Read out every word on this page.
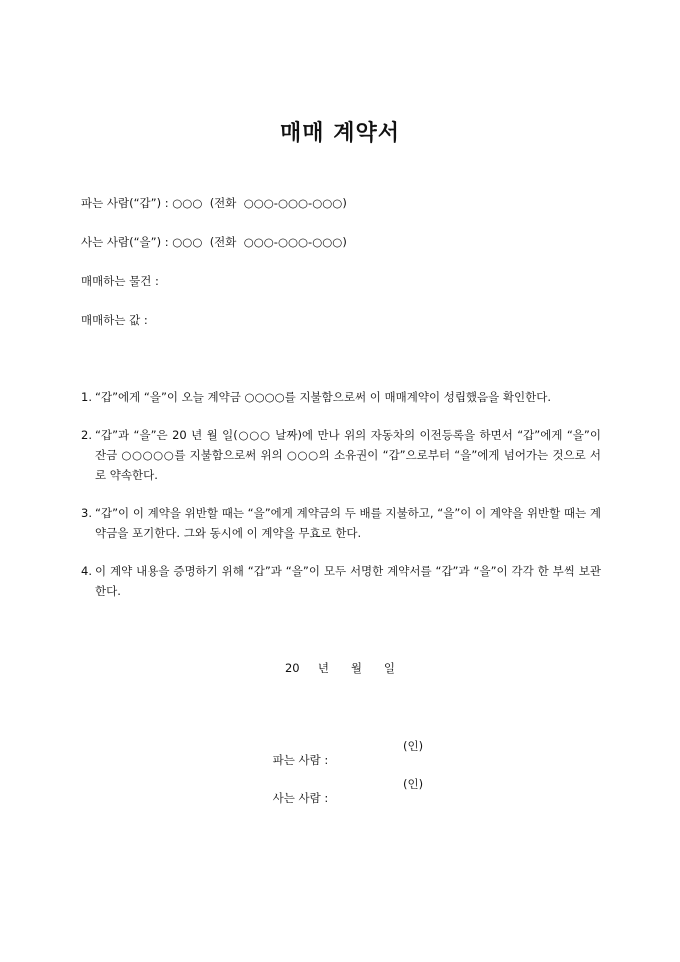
매매 계약서
파는 사람(“갑”) : ○○○  (전화  ○○○-○○○-○○○)
사는 사람(“을”) : ○○○  (전화  ○○○-○○○-○○○)
매매하는 물건 :
매매하는 값 :
1. “갑”에게 “을”이 오늘 계약금 ○○○○를 지불함으로써 이 매매계약이 성립했음을 확인한다.
2. “갑”과 “을”은 20 년 월 일(○○○ 날짜)에 만나 위의 자동차의 이전등록을 하면서 “갑”에게 “을”이 잔금 ○○○○○를 지불함으로써 위의 ○○○의 소유권이 “갑”으로부터 “을”에게 넘어가는 것으로 서로 약속한다.
3. “갑”이 이 계약을 위반할 때는 “을”에게 계약금의 두 배를 지불하고, “을”이 이 계약을 위반할 때는 계약금을 포기한다. 그와 동시에 이 계약을 무효로 한다.
4. 이 계약 내용을 증명하기 위해 “갑”과 “을”이 모두 서명한 계약서를 “갑”과 “을”이 각각 한 부씩 보관한다.
20     년      월      일

파는 사람 :

(인)

사는 사람 :

(인)
